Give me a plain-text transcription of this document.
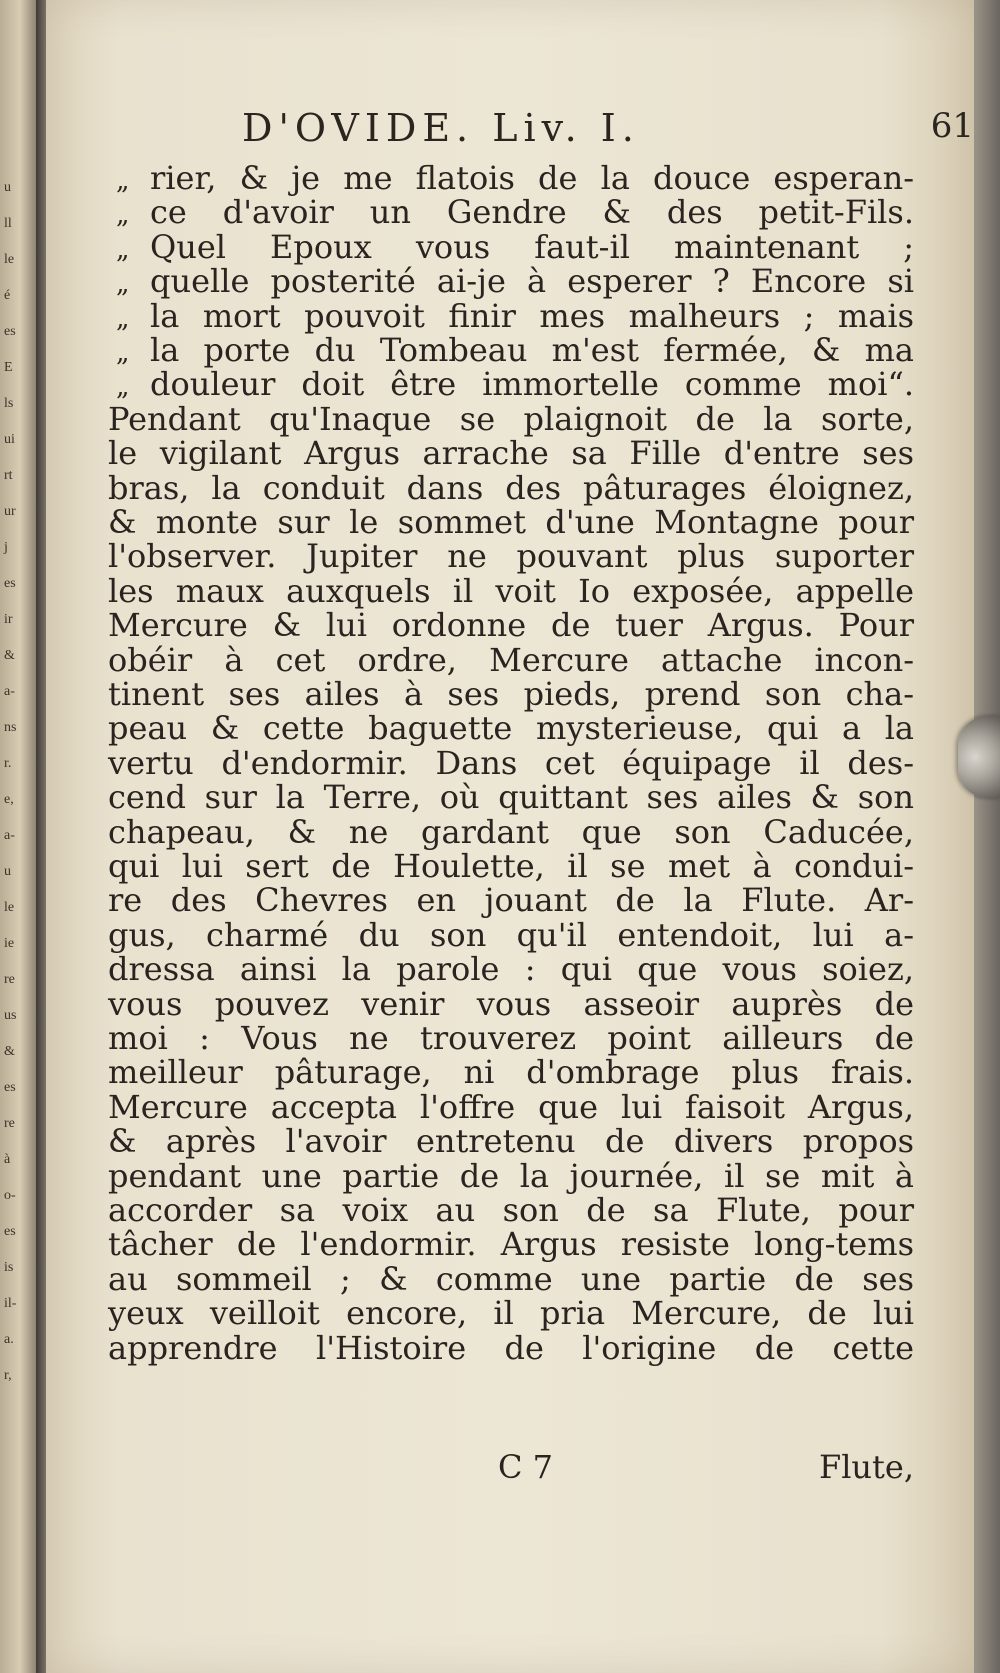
u
ll
le
é
es
E
ls
ui
rt
ur
j
es
ir
&
a-
ns
r.
e,
a-
u
le
ie
re
us
&
es
re
à
o-
es
is
il-
a.
r,
D'OVIDE. Liv. I.	61
„ rier, & je me flatois de la douce esperan-
„ ce d'avoir un Gendre & des petit-Fils.
„ Quel Epoux vous faut-il maintenant ;
„ quelle posterité ai-je à esperer ? Encore si
„ la mort pouvoit finir mes malheurs ; mais
„ la porte du Tombeau m'est fermée, & ma
„ douleur doit être immortelle comme moi“.
Pendant qu'Inaque se plaignoit de la sorte,
le vigilant Argus arrache sa Fille d'entre ses
bras, la conduit dans des pâturages éloignez,
& monte sur le sommet d'une Montagne pour
l'observer. Jupiter ne pouvant plus suporter
les maux auxquels il voit Io exposée, appelle
Mercure & lui ordonne de tuer Argus. Pour
obéir à cet ordre, Mercure attache incon-
tinent ses ailes à ses pieds, prend son cha-
peau & cette baguette mysterieuse, qui a la
vertu d'endormir. Dans cet équipage il des-
cend sur la Terre, où quittant ses ailes & son
chapeau, & ne gardant que son Caducée,
qui lui sert de Houlette, il se met à condui-
re des Chevres en jouant de la Flute. Ar-
gus, charmé du son qu'il entendoit, lui a-
dressa ainsi la parole : qui que vous soiez,
vous pouvez venir vous asseoir auprès de
moi : Vous ne trouverez point ailleurs de
meilleur pâturage, ni d'ombrage plus frais.
Mercure accepta l'offre que lui faisoit Argus,
& après l'avoir entretenu de divers propos
pendant une partie de la journée, il se mit à
accorder sa voix au son de sa Flute, pour
tâcher de l'endormir. Argus resiste long-tems
au sommeil ; & comme une partie de ses
yeux veilloit encore, il pria Mercure, de lui
apprendre l'Histoire de l'origine de cette
C 7	Flute,
